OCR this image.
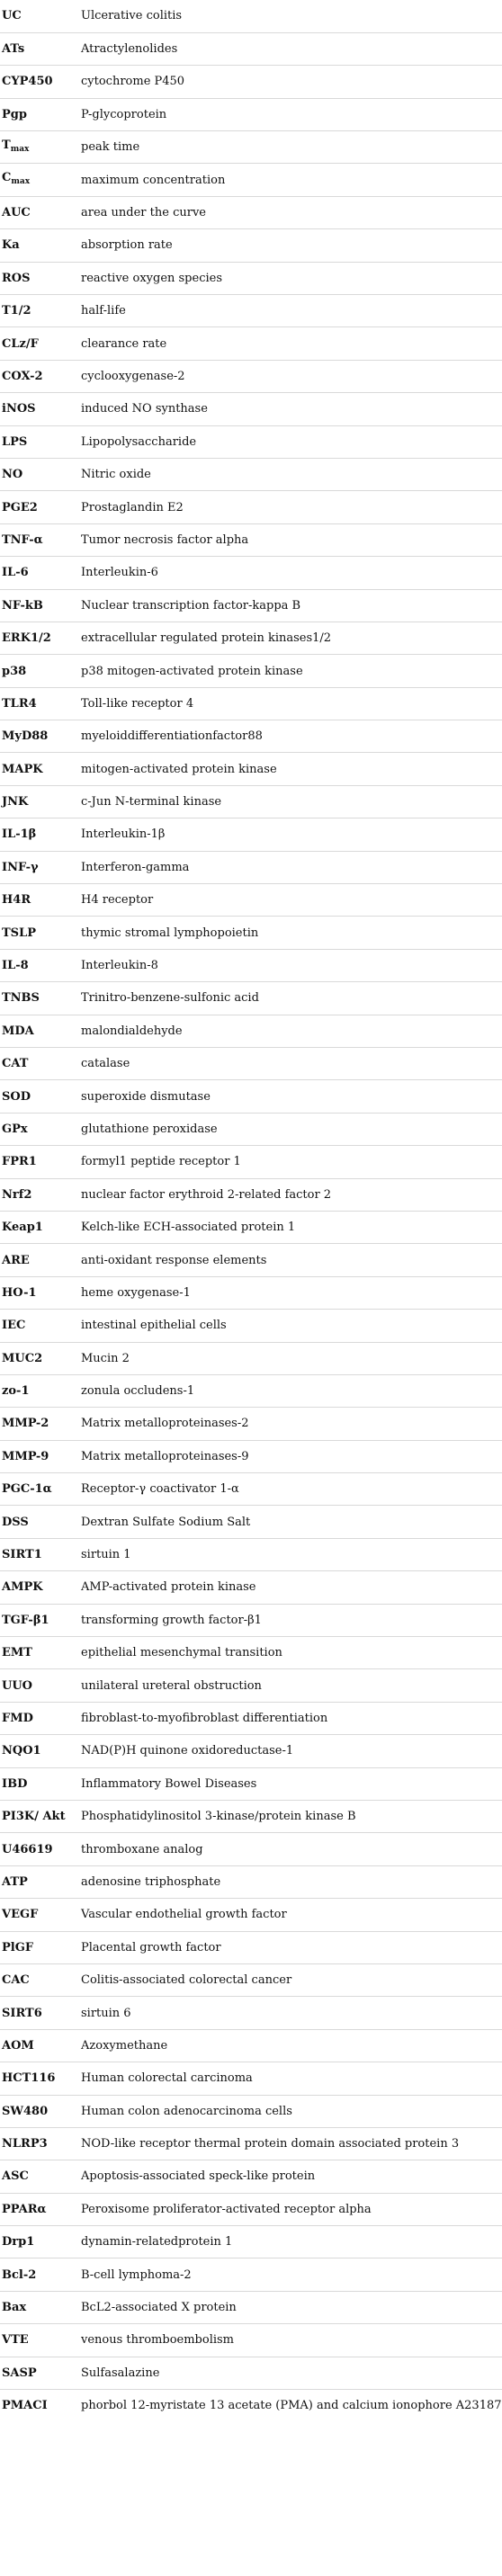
UC	Ulcerative colitis
ATs	Atractylenolides
CYP450	cytochrome P450
Pgp	P-glycoprotein
$T_{max}$	peak time
$C_{max}$	maximum concentration
AUC	area under the curve
Ka	absorption rate
ROS	reactive oxygen species
T1/2	half-life
CLz/F	clearance rate
COX-2	cyclooxygenase-2
iNOS	induced NO synthase
LPS	Lipopolysaccharide
NO	Nitric oxide
PGE2	Prostaglandin E2
TNF-α	Tumor necrosis factor alpha
IL-6	Interleukin-6
NF-kB	Nuclear transcription factor-kappa B
ERK1/2	extracellular regulated protein kinases1/2
p38	p38 mitogen-activated protein kinase
TLR4	Toll-like receptor 4
MyD88	myeloiddifferentiationfactor88
MAPK	mitogen-activated protein kinase
JNK	c-Jun N-terminal kinase
IL-1β	Interleukin-1β
INF-γ	Interferon-gamma
H4R	H4 receptor
TSLP	thymic stromal lymphopoietin
IL-8	Interleukin-8
TNBS	Trinitro-benzene-sulfonic acid
MDA	malondialdehyde
CAT	catalase
SOD	superoxide dismutase
GPx	glutathione peroxidase
FPR1	formyl1 peptide receptor 1
Nrf2	nuclear factor erythroid 2-related factor 2
Keap1	Kelch-like ECH-associated protein 1
ARE	anti-oxidant response elements
HO-1	heme oxygenase-1
IEC	intestinal epithelial cells
MUC2	Mucin 2
zo-1	zonula occludens-1
MMP-2	Matrix metalloproteinases-2
MMP-9	Matrix metalloproteinases-9
PGC-1α	Receptor-γ coactivator 1-α
DSS	Dextran Sulfate Sodium Salt
SIRT1	sirtuin 1
AMPK	AMP-activated protein kinase
TGF-β1	transforming growth factor-β1
EMT	epithelial mesenchymal transition
UUO	unilateral ureteral obstruction
FMD	fibroblast-to-myofibroblast differentiation
NQO1	NAD(P)H quinone oxidoreductase-1
IBD	Inflammatory Bowel Diseases
PI3K/ Akt	Phosphatidylinositol 3-kinase/protein kinase B
U46619	thromboxane analog
ATP	adenosine triphosphate
VEGF	Vascular endothelial growth factor
PlGF	Placental growth factor
CAC	Colitis-associated colorectal cancer
SIRT6	sirtuin 6
AOM	Azoxymethane
HCT116	Human colorectal carcinoma
SW480	Human colon adenocarcinoma cells
NLRP3	NOD-like receptor thermal protein domain associated protein 3
ASC	Apoptosis-associated speck-like protein
PPARα	Peroxisome proliferator-activated receptor alpha
Drp1	dynamin-relatedprotein 1
Bcl-2	B-cell lymphoma-2
Bax	BcL2-associated X protein
VTE	venous thromboembolism
SASP	Sulfasalazine
PMACI	phorbol 12-myristate 13 acetate (PMA) and calcium ionophore A23187
